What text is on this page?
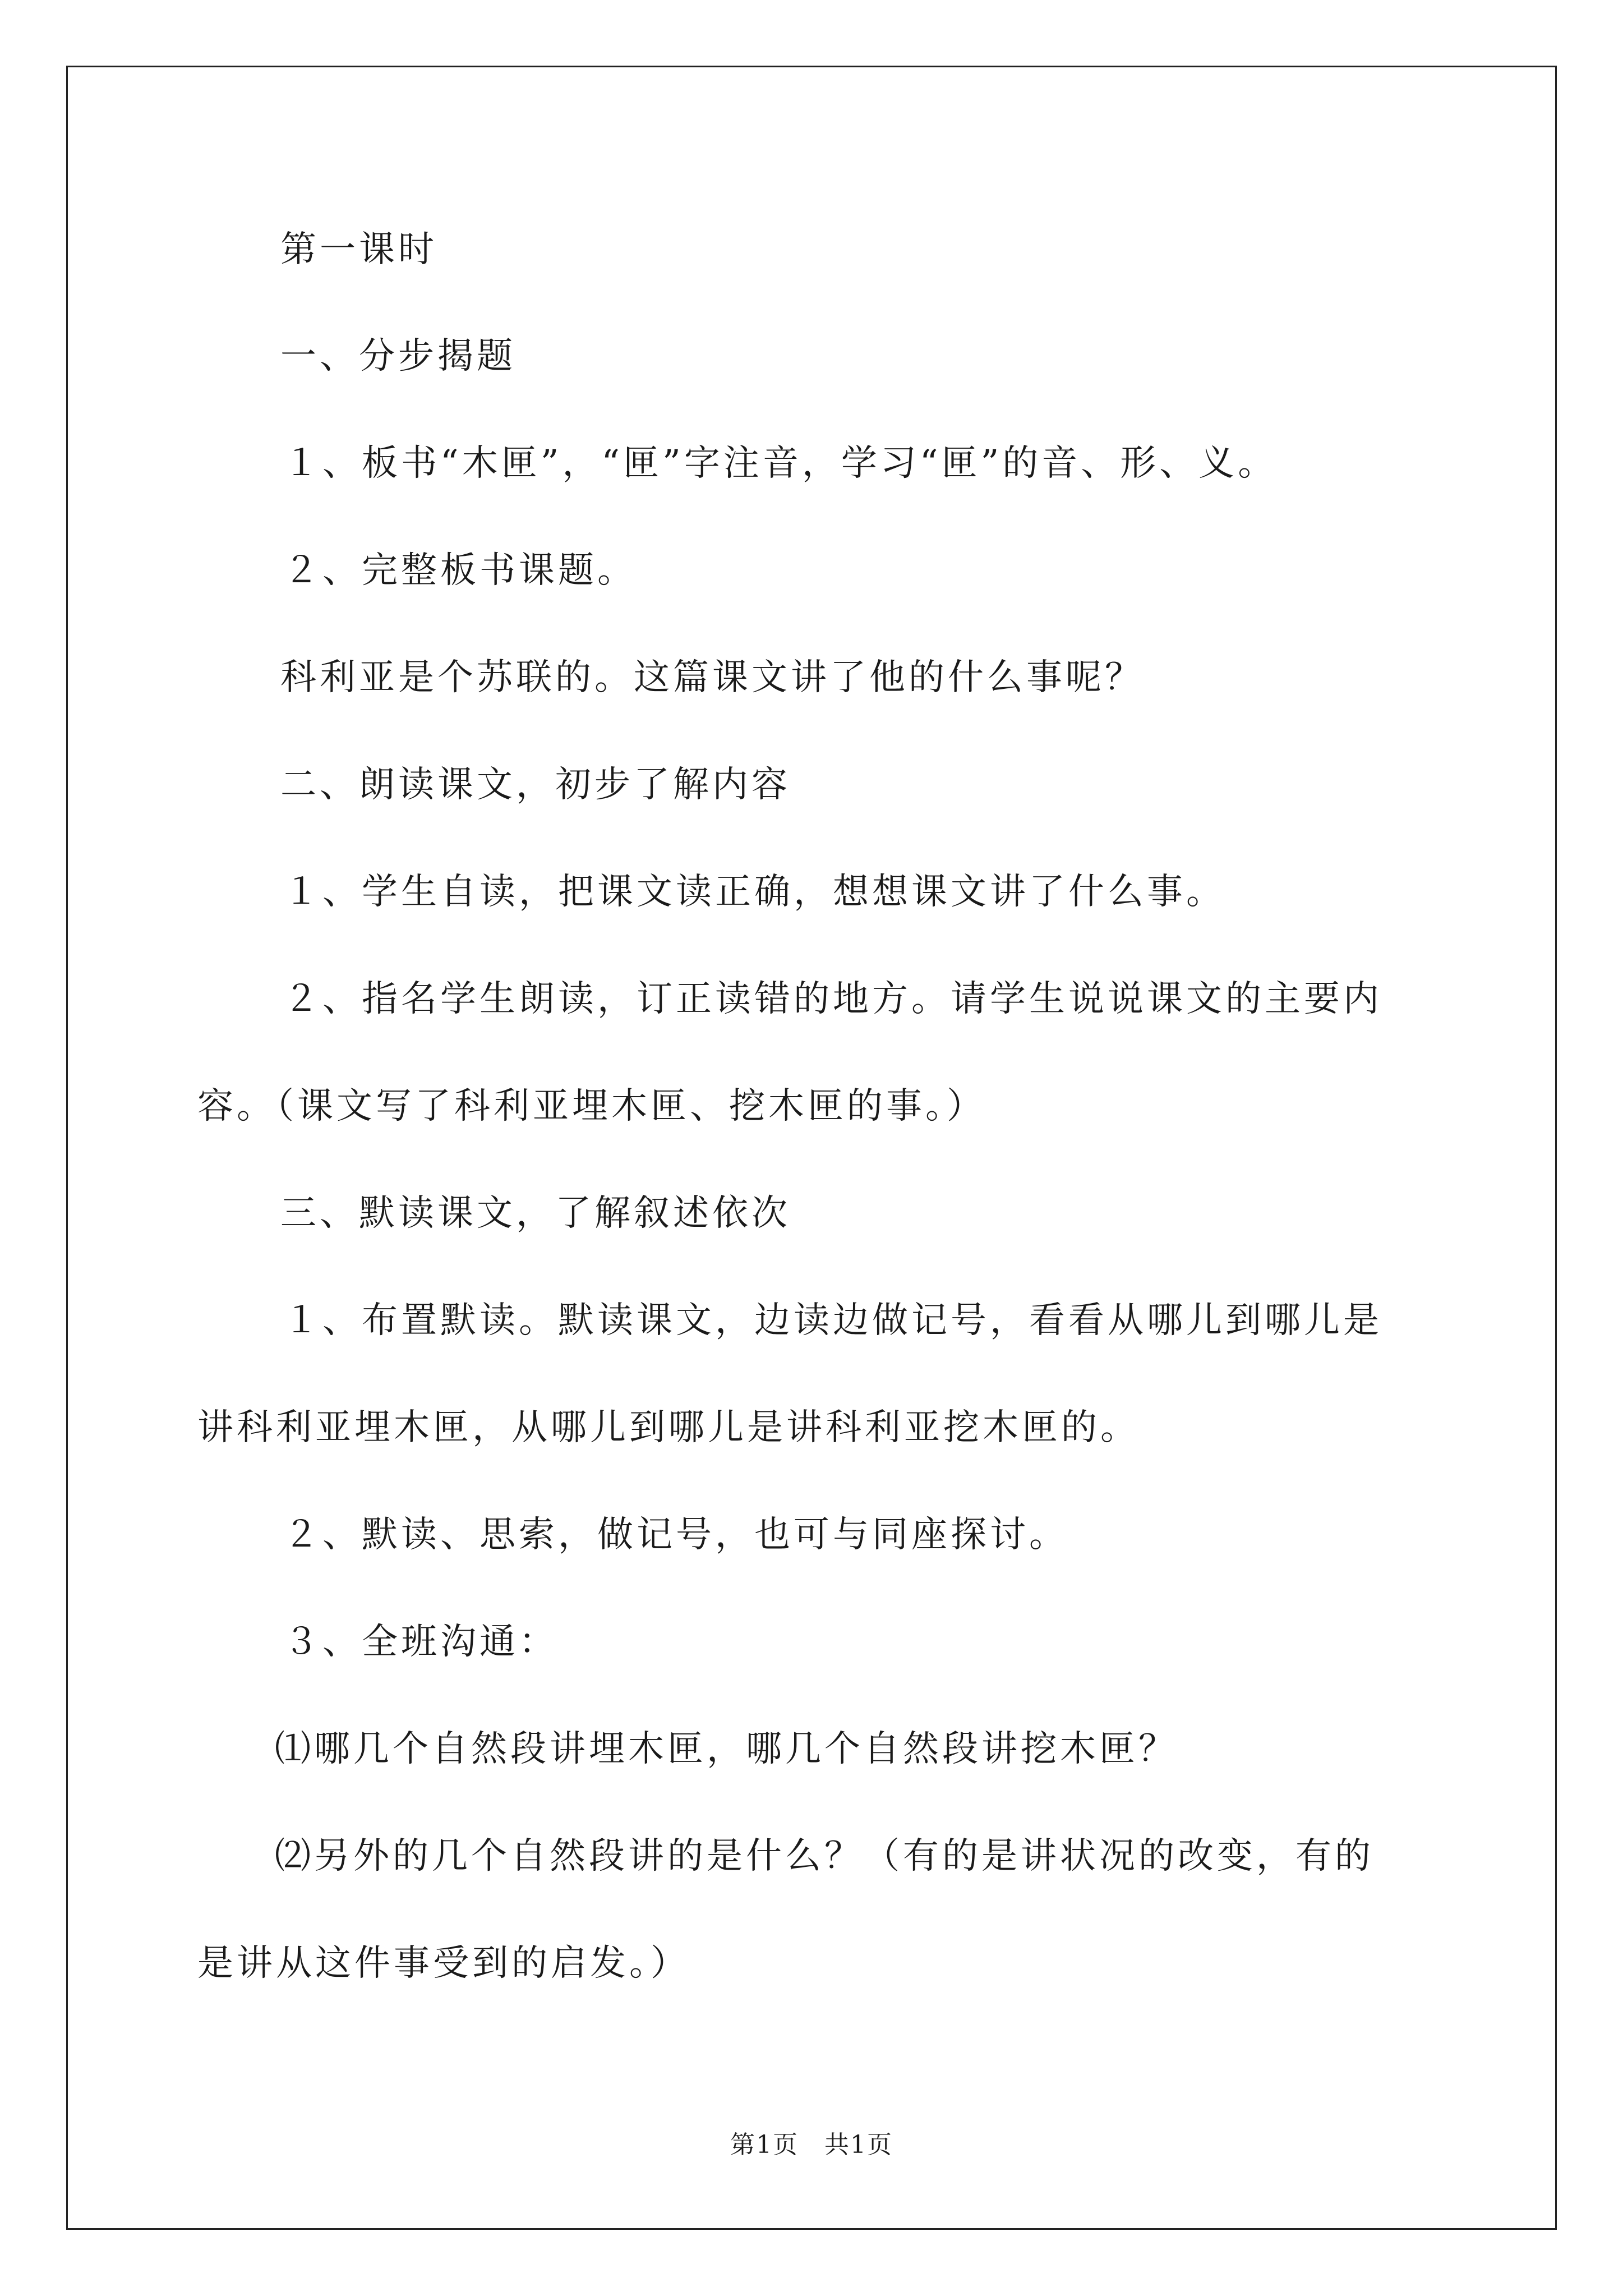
第一课时
一、分步揭题
１、板书“木匣”，“匣”字注音，学习“匣”的音、形、义。
２、完整板书课题。
科利亚是个苏联的。这篇课文讲了他的什么事呢？
二、朗读课文，初步了解内容
１、学生自读，把课文读正确，想想课文讲了什么事。
２、指名学生朗读，订正读错的地方。请学生说说课文的主要内
容。（课文写了科利亚埋木匣、挖木匣的事。）
三、默读课文，了解叙述依次
１、布置默读。默读课文，边读边做记号，看看从哪儿到哪儿是
讲科利亚埋木匣，从哪儿到哪儿是讲科利亚挖木匣的。
２、默读、思索，做记号，也可与同座探讨。
３、全班沟通：
⑴哪几个自然段讲埋木匣，哪几个自然段讲挖木匣？
⑵另外的几个自然段讲的是什么？（有的是讲状况的改变，有的
是讲从这件事受到的启发。）
第1页　共1页
